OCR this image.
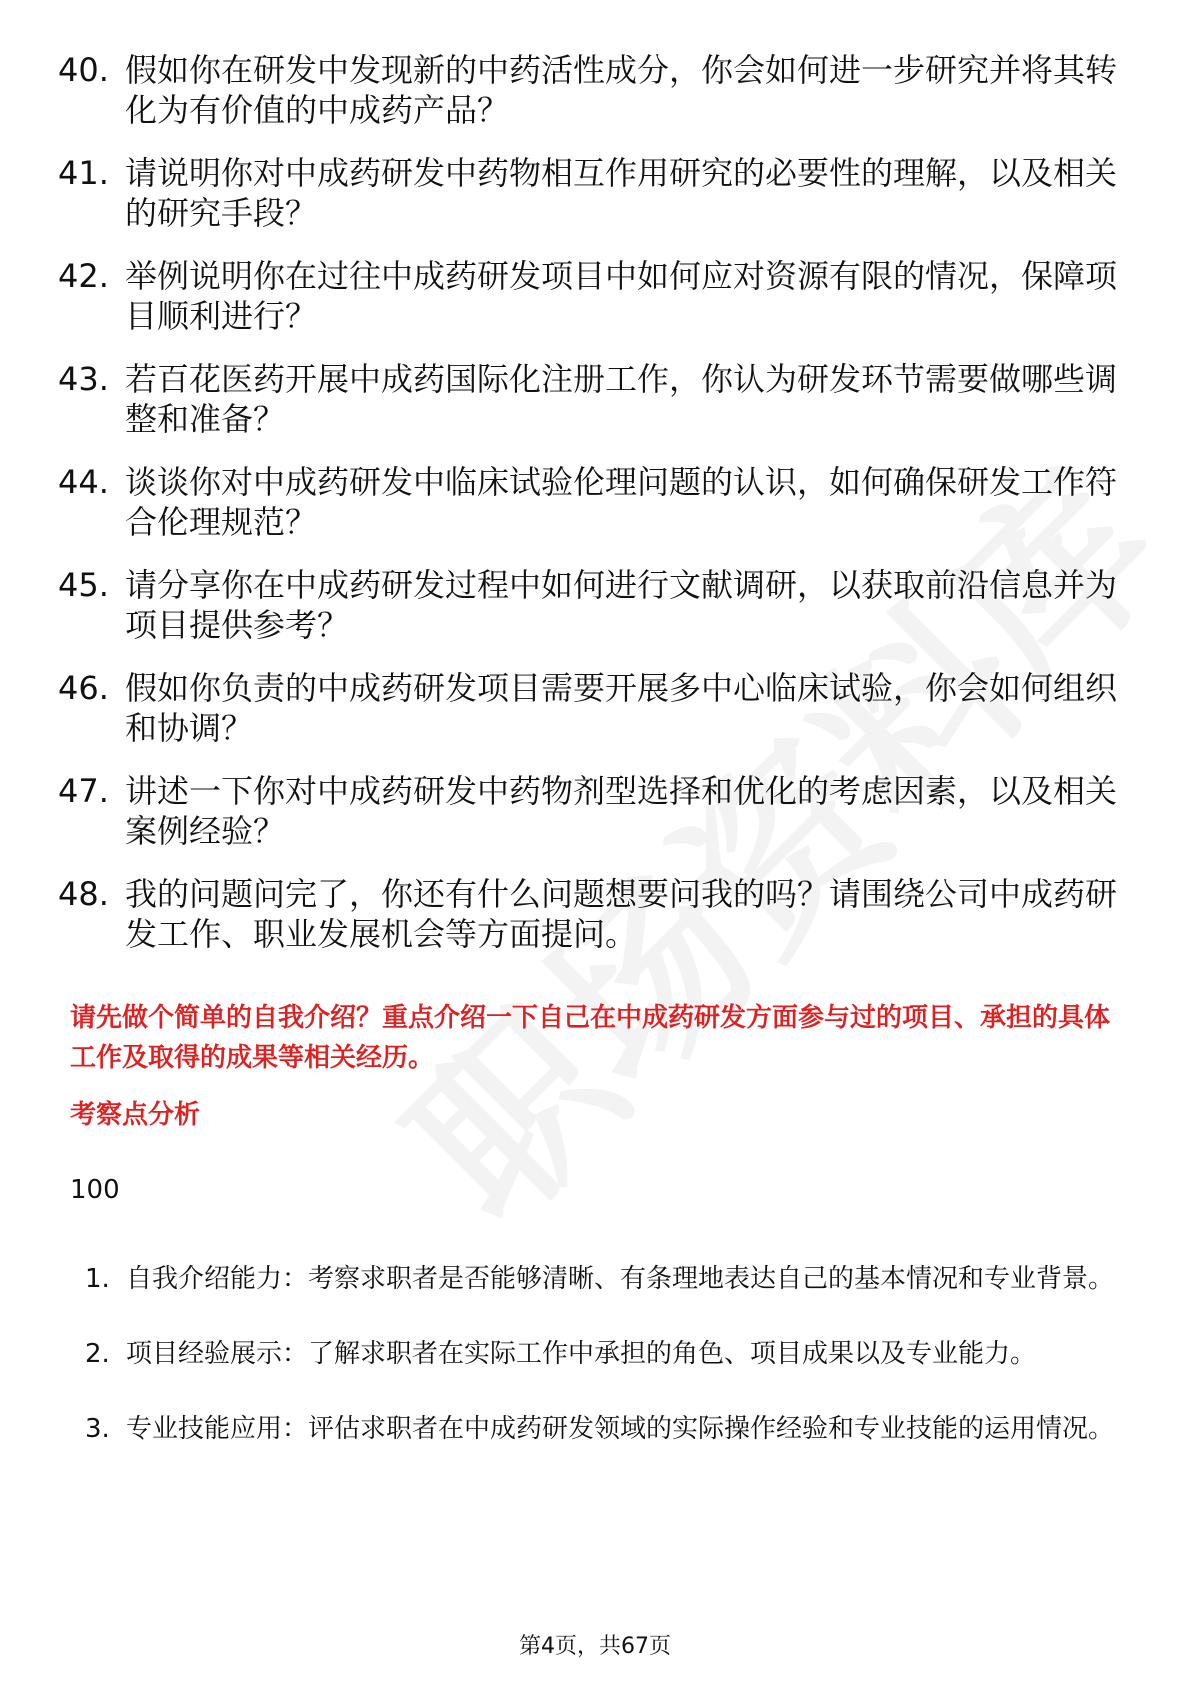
40. 假如你在研发中发现新的中药活性成分，你会如何进一步研究并将其转化为有价值的中成药产品？
41. 请说明你对中成药研发中药物相互作用研究的必要性的理解，以及相关的研究手段？
42. 举例说明你在过往中成药研发项目中如何应对资源有限的情况，保障项目顺利进行？
43. 若百花医药开展中成药国际化注册工作，你认为研发环节需要做哪些调整和准备？
44. 谈谈你对中成药研发中临床试验伦理问题的认识，如何确保研发工作符合伦理规范？
45. 请分享你在中成药研发过程中如何进行文献调研，以获取前沿信息并为项目提供参考？
46. 假如你负责的中成药研发项目需要开展多中心临床试验，你会如何组织和协调？
47. 讲述一下你对中成药研发中药物剂型选择和优化的考虑因素，以及相关案例经验？
48. 我的问题问完了，你还有什么问题想要问我的吗？请围绕公司中成药研发工作、职业发展机会等方面提问。
请先做个简单的自我介绍？重点介绍一下自己在中成药研发方面参与过的项目、承担的具体工作及取得的成果等相关经历。
考察点分析
100
1. 自我介绍能力：考察求职者是否能够清晰、有条理地表达自己的基本情况和专业背景。
2. 项目经验展示：了解求职者在实际工作中承担的角色、项目成果以及专业能力。
3. 专业技能应用：评估求职者在中成药研发领域的实际操作经验和专业技能的运用情况。
第4页，共67页
